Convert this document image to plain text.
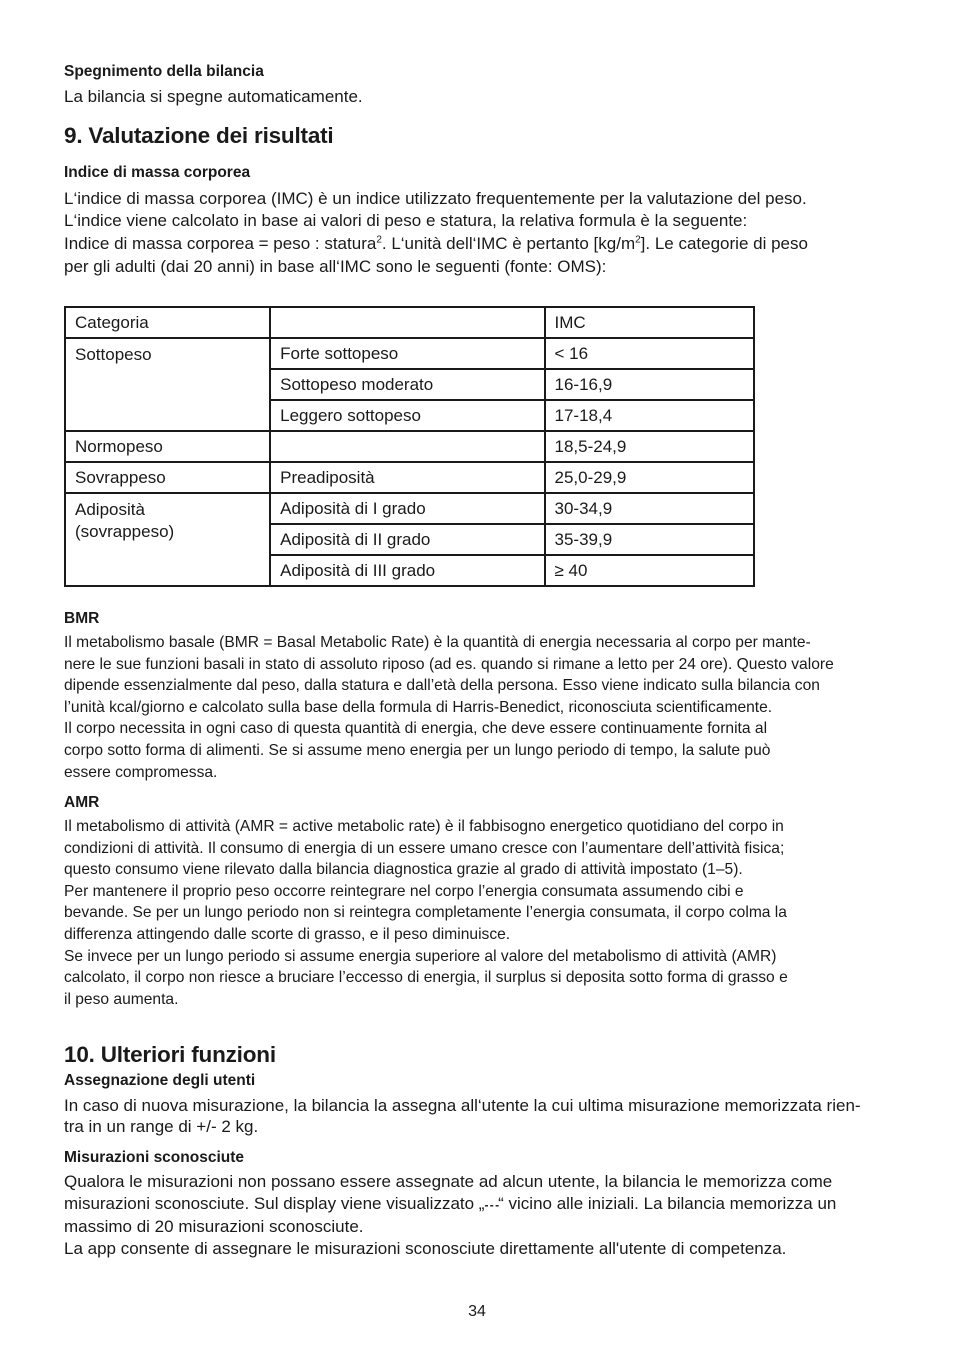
Spegnimento della bilancia

La bilancia si spegne automaticamente.

9. Valutazione dei risultati

Indice di massa corporea

L‘indice di massa corporea (IMC) è un indice utilizzato frequentemente per la valutazione del peso.

L‘indice viene calcolato in base ai valori di peso e statura, la relativa formula è la seguente:

Indice di massa corporea = peso : statura$^2$. L‘unità dell‘IMC è pertanto $[kg/m^2]$. Le categorie di peso

per gli adulti (dai 20 anni) in base all‘IMC sono le seguenti (fonte: OMS):

Categoria		IMC
Sottopeso	Forte sottopeso	< 16
	Sottopeso moderato	16-16,9
	Leggero sottopeso	17-18,4
Normopeso		18,5-24,9
Sovrappeso	Preadiposità	25,0-29,9
Adiposità
(sovrappeso)	Adiposità di I grado	30-34,9
	Adiposità di II grado	35-39,9
	Adiposità di III grado	≥ 40

BMR

Il metabolismo basale (BMR = Basal Metabolic Rate) è la quantità di energia necessaria al corpo per mante-

nere le sue funzioni basali in stato di assoluto riposo (ad es. quando si rimane a letto per 24 ore). Questo valore

dipende essenzialmente dal peso, dalla statura e dall’età della persona. Esso viene indicato sulla bilancia con

l’unità kcal/giorno e calcolato sulla base della formula di Harris-Benedict, riconosciuta scientificamente.

Il corpo necessita in ogni caso di questa quantità di energia, che deve essere continuamente fornita al

corpo sotto forma di alimenti. Se si assume meno energia per un lungo periodo di tempo, la salute può

essere compromessa.

AMR

Il metabolismo di attività (AMR = active metabolic rate) è il fabbisogno energetico quotidiano del corpo in

condizioni di attività. Il consumo di energia di un essere umano cresce con l’aumentare dell’attività fisica;

questo consumo viene rilevato dalla bilancia diagnostica grazie al grado di attività impostato (1–5).

Per mantenere il proprio peso occorre reintegrare nel corpo l’energia consumata assumendo cibi e

bevande. Se per un lungo periodo non si reintegra completamente l’energia consumata, il corpo colma la

differenza attingendo dalle scorte di grasso, e il peso diminuisce.

Se invece per un lungo periodo si assume energia superiore al valore del metabolismo di attività (AMR)

calcolato, il corpo non riesce a bruciare l’eccesso di energia, il surplus si deposita sotto forma di grasso e

il peso aumenta.

10. Ulteriori funzioni

Assegnazione degli utenti

In caso di nuova misurazione, la bilancia la assegna all‘utente la cui ultima misurazione memorizzata rien-

tra in un range di +/- 2 kg.

Misurazioni sconosciute

Qualora le misurazioni non possano essere assegnate ad alcun utente, la bilancia le memorizza come

misurazioni sconosciute. Sul display viene visualizzato „- - -“ vicino alle iniziali. La bilancia memorizza un

massimo di 20 misurazioni sconosciute.

La app consente di assegnare le misurazioni sconosciute direttamente all'utente di competenza.

34
